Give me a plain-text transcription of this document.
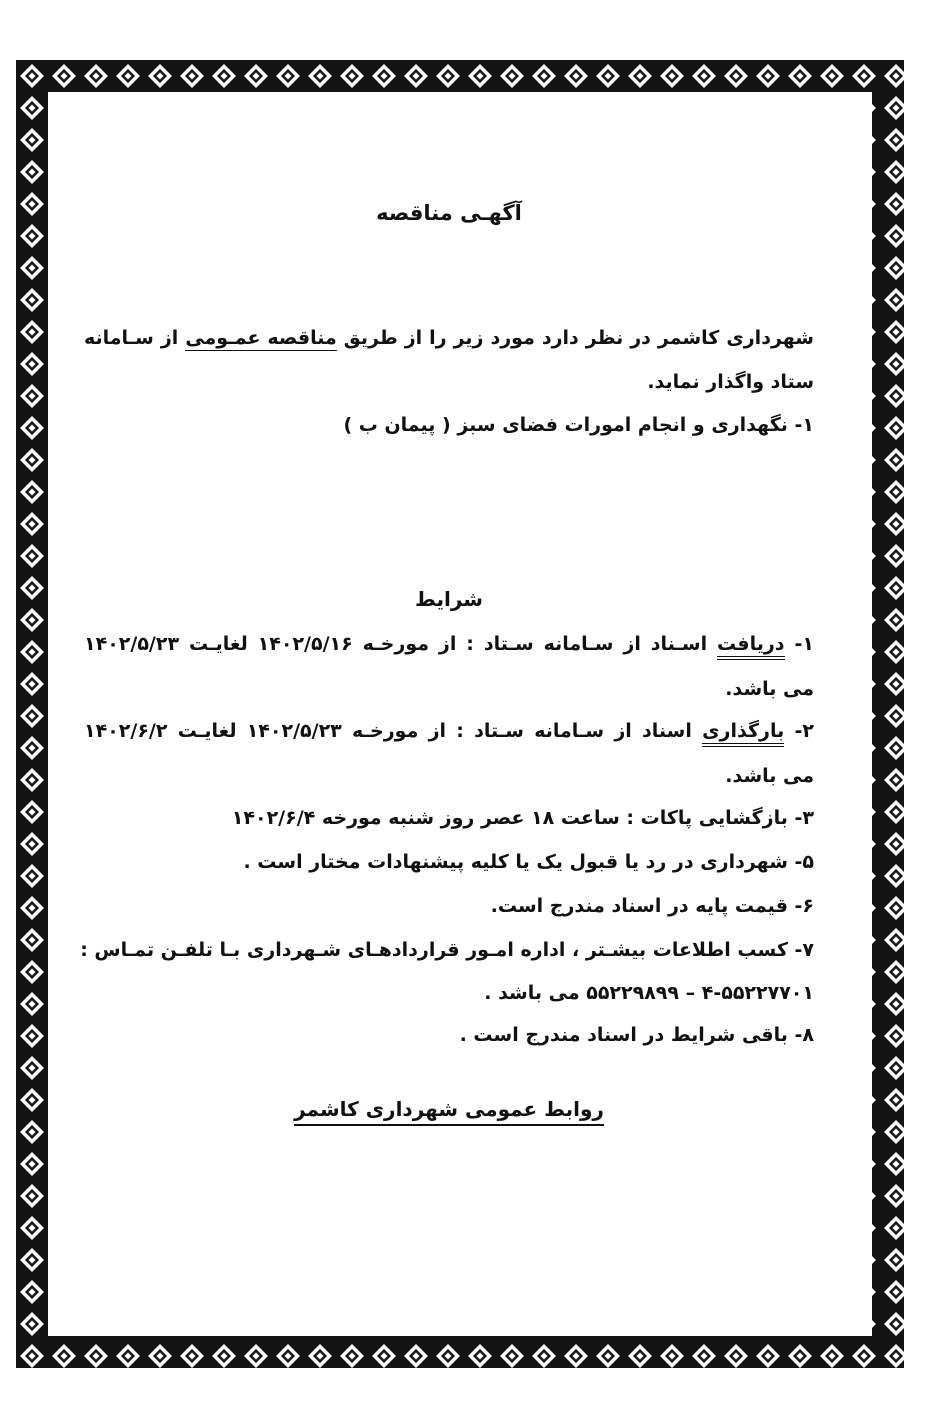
آگهـی مناقصه
شهرداری کاشمر در نظر دارد مورد زیر را از طریق مناقصه عمـومی از سـامانه
ستاد واگذار نماید.
۱- نگهداری و انجام امورات فضای سبز ( پیمان ب )
شرایط
۱- دریافت اسـناد از سـامانه سـتاد : از مورخـه ۱۴۰۲/۵/۱۶ لغایـت ۱۴۰۲/۵/۲۳
می باشد.
۲- بارگذاری اسناد از سـامانه سـتاد : از مورخـه ۱۴۰۲/۵/۲۳ لغایـت ۱۴۰۲/۶/۲
می باشد.
۳- بازگشایی پاکات : ساعت ۱۸ عصر روز شنبه مورخه ۱۴۰۲/۶/۴
۵- شهرداری در رد یا قبول یک یا کلیه پیشنهادات مختار است .
۶- قیمت پایه در اسناد مندرج است.
۷- کسب اطلاعات بیشـتر ، اداره امـور قراردادهـای شـهرداری بـا تلفـن تمـاس :
۴-۵۵۲۲۷۷۰۱ – ۵۵۲۲۹۸۹۹ می باشد .
۸- باقی شرایط در اسناد مندرج است .
روابط عمومی شهرداری کاشمر
